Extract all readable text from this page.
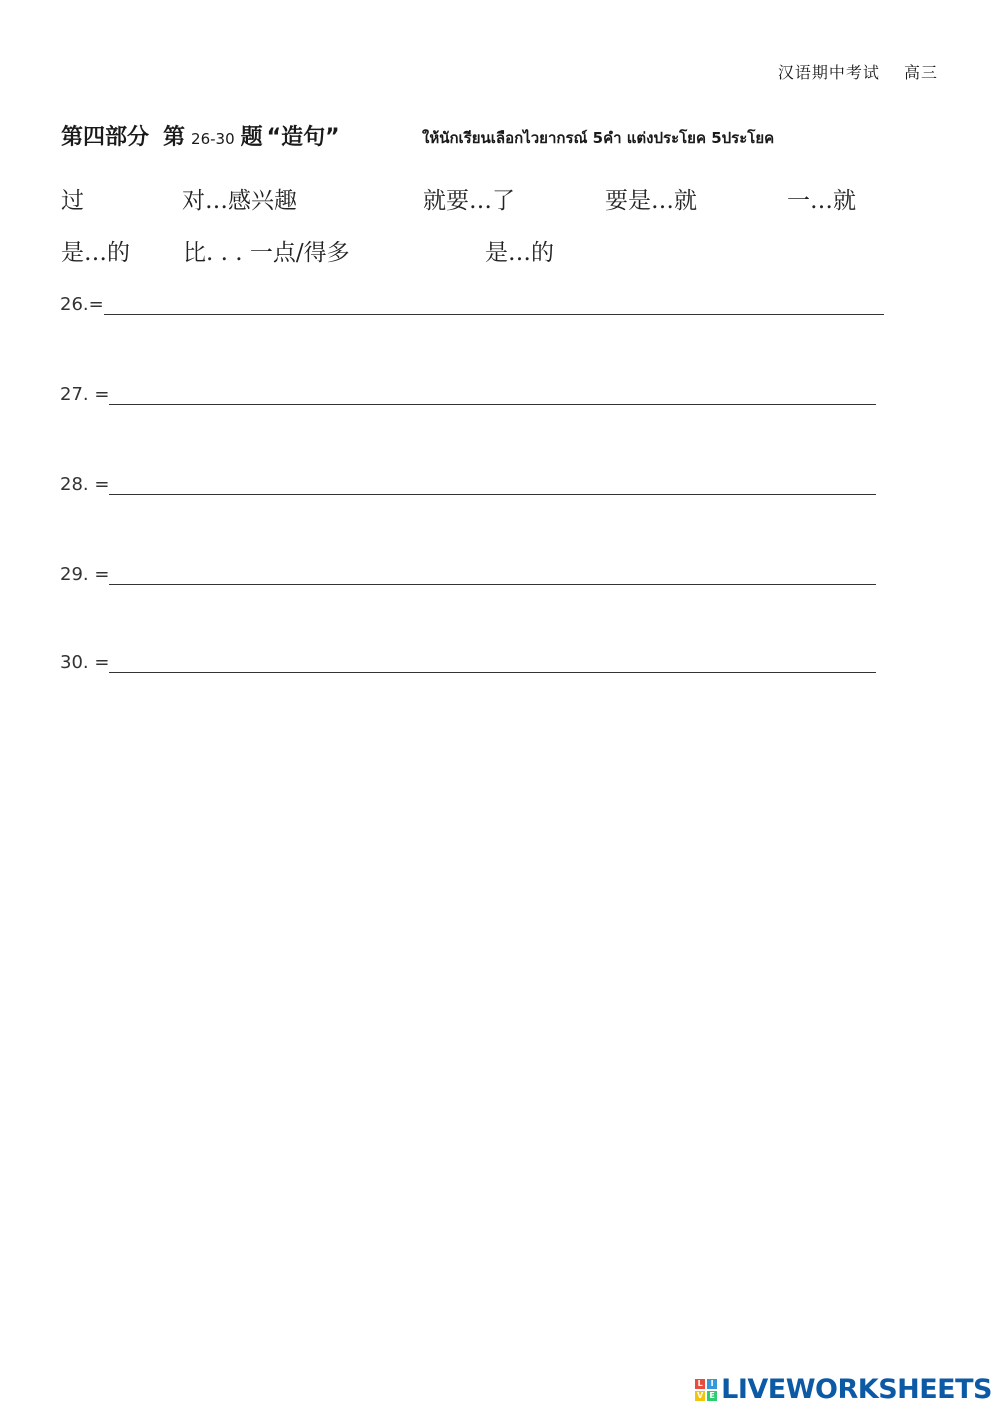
汉语期中考试 高三
第四部分 第 26-30 题 “造句”	ให้นักเรียนเลือกไวยากรณ์ 5คำ แต่งประโยค 5ประโยค
过	对…感兴趣	就要…了	要是…就	一…就
是…的 比. . . 一点/得多	是…的
26.=
27. =
28. =
29. =
30. =
L I
V E LIVEWORKSHEETS
